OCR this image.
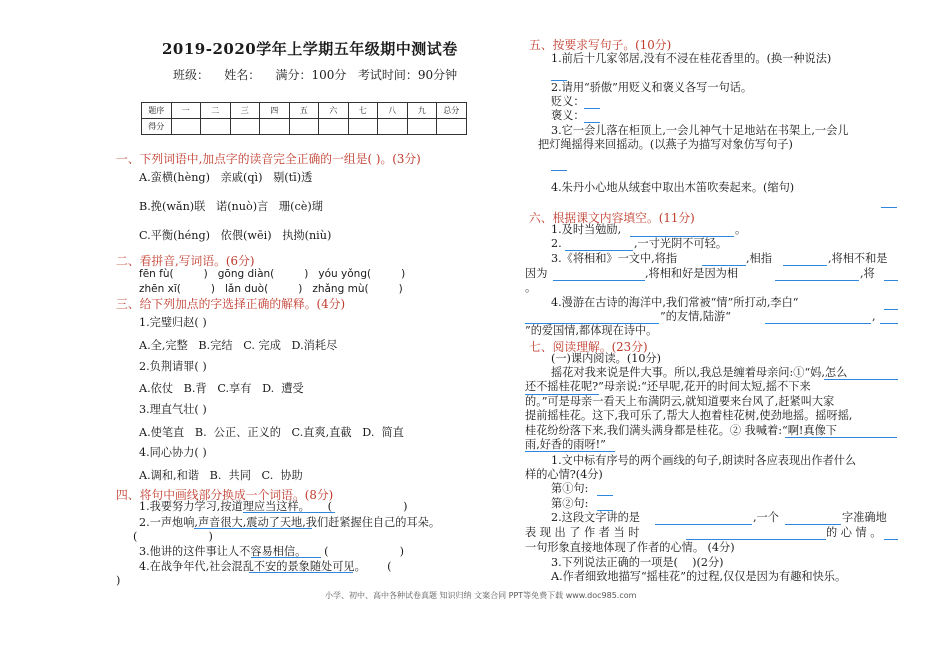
2019-2020学年上学期五年级期中测试卷
班级：    姓名：    满分：100分   考试时间：90分钟
题序	一	二	三	四	五	六	七	八	九	总分
得分										
一、下列词语中,加点字的读音完全正确的一组是( )。(3分)
A.蛮横(hèng)   亲戚(qì)   剔(tī)透
B.挽(wǎn)联   诺(nuò)言   珊(cè)瑚
C.平衡(héng)   依偎(wēi)   执拗(niù)
二、看拼音,写词语。(6分)
fēn fù(         )   gōng diàn(         )   yóu yǒng(         )
zhēn xī(         )   lǎn duò(         )   zhǎng mù(         )
三、给下列加点的字选择正确的解释。(4分)
1.完璧归赵( )
A.全,完整   B.完结   C. 完成   D.消耗尽
2.负荆请罪( )
A.依仗   B.背   C.享有   D.  遭受
3.理直气壮( )
A.使笔直   B.  公正、正义的   C.直爽,直截   D.  简直
4.同心协力( )
A.调和,和谐   B.  共同   C.  协助
四、将句中画线部分换成一个词语。(8分)
1.我要努力学习,按道理应当这样。     (                    )
2.一声炮响,声音很大,震动了天地,我们赶紧握住自己的耳朵。
(                    )
3.他讲的这件事让人不容易相信。     (                    )
4.在战争年代,社会混乱不安的景象随处可见。      (
)
五、按要求写句子。(10分)
1.前后十几家邻居,没有不浸在桂花香里的。(换一种说法)
2.请用“骄傲”用贬义和褒义各写一句话。
贬义：
褒义：
3.它一会儿落在柜顶上,一会儿神气十足地站在书架上,一会儿
把灯绳摇得来回摇动。(以燕子为描写对象仿写句子)
4.朱丹小心地从绒套中取出木笛吹奏起来。(缩句)
六、根据课文内容填空。(11分)
1.及时当勉励,	。
2.	,一寸光阴不可轻。
3.《将相和》一文中,将指	,相指	,将相不和是
因为	,将相和好是因为相	,将
。
4.漫游在古诗的海洋中,我们常被“情”所打动,李白“
”的友情,陆游“	,
”的爱国情,都体现在诗中。
七、阅读理解。(23分)
(一)课内阅读。(10分)
摇花对我来说是件大事。所以,我总是缠着母亲问:①“妈,怎么
还不摇桂花呢?”母亲说:“还早呢,花开的时间太短,摇不下来
的。”可是母亲一看天上布满阴云,就知道要来台风了,赶紧叫大家
提前摇桂花。这下,我可乐了,帮大人抱着桂花树,使劲地摇。摇呀摇,
桂花纷纷落下来,我们满头满身都是桂花。② 我喊着:“啊!真像下
雨,好香的雨呀!”
1.文中标有序号的两个画线的句子,朗读时各应表现出作者什么
样的心情?(4分)
第①句:
第②句:
2.这段文字讲的是	,一个	字准确地
表 现 出 了 作 者 当 时	的 心 情 。
一句形象直接地体现了作者的心情。 (4分)
3.下列说法正确的一项是(    )(2分)
A.作者细致地描写“摇桂花”的过程,仅仅是因为有趣和快乐。
小学、初中、高中各种试卷真题 知识归纳 文案合同 PPT等免费下载 www.doc985.com
